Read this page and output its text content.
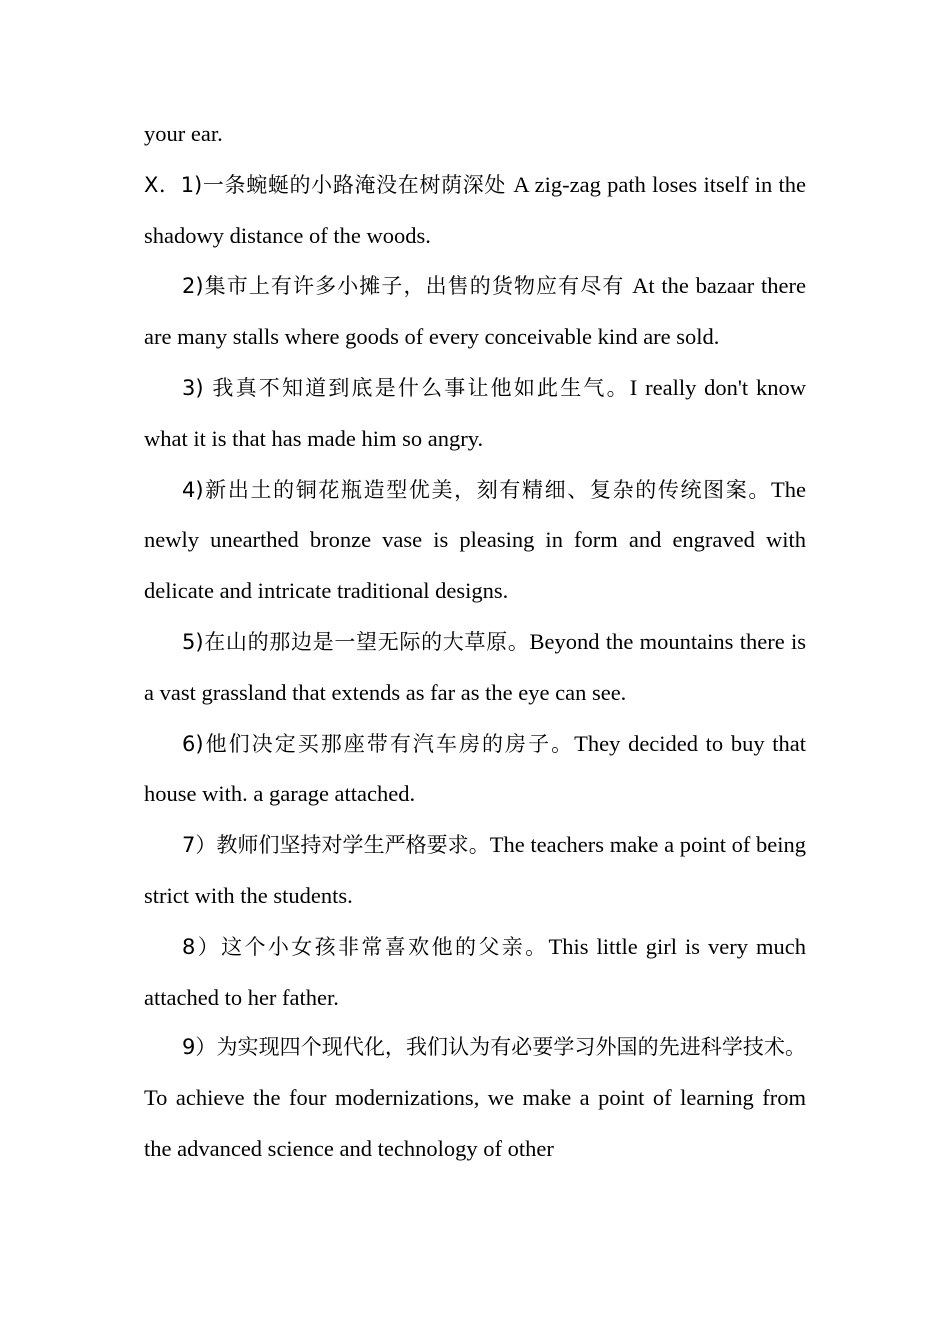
your ear.

X．1)一条蜿蜒的小路淹没在树荫深处 A zig-zag path loses itself in the shadowy distance of the woods.

2)集市上有许多小摊子，出售的货物应有尽有 At the bazaar there are many stalls where goods of every conceivable kind are sold.

3) 我真不知道到底是什么事让他如此生气。I really don't know what it is that has made him so angry.

4)新出土的铜花瓶造型优美，刻有精细、复杂的传统图案。The newly unearthed bronze vase is pleasing in form and engraved with delicate and intricate traditional designs.

5)在山的那边是一望无际的大草原。Beyond the mountains there is a vast grassland that extends as far as the eye can see.

6)他们决定买那座带有汽车房的房子。They decided to buy that house with. a garage attached.

7）教师们坚持对学生严格要求。The teachers make a point of being strict with the students.

8）这个小女孩非常喜欢他的父亲。This little girl is very much attached to her father.

9）为实现四个现代化，我们认为有必要学习外国的先进科学技术。To achieve the four modernizations, we make a point of learning from the advanced science and technology of other
